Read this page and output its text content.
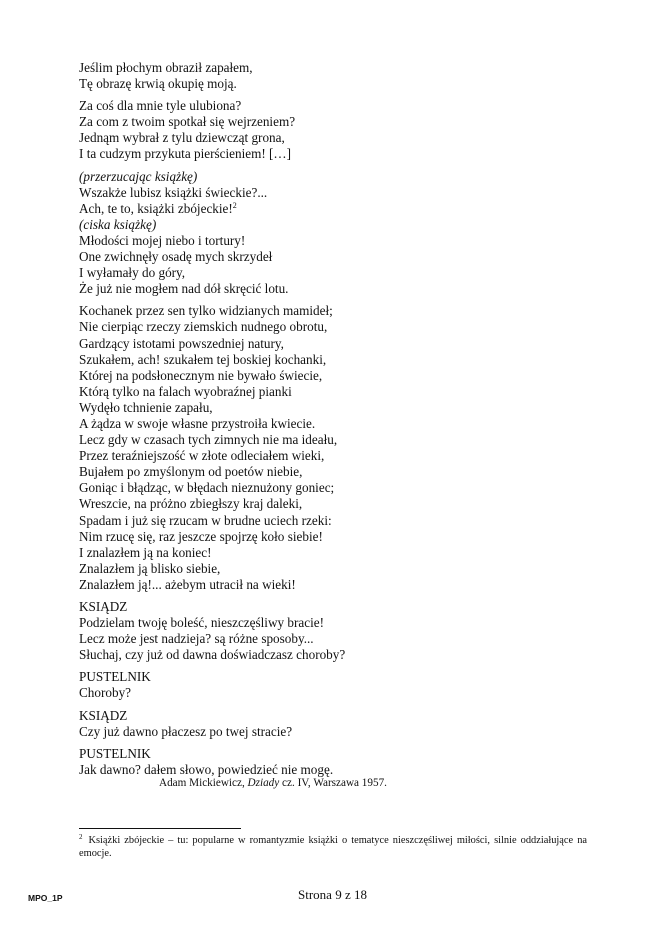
Jeślim płochym obraził zapałem,
Tę obrazę krwią okupię moją.
Za coś dla mnie tyle ulubiona?
Za com z twoim spotkał się wejrzeniem?
Jednąm wybrał z tylu dziewcząt grona,
I ta cudzym przykuta pierścieniem! […]
(przerzucając książkę)
Wszakże lubisz książki świeckie?...
Ach, te to, książki zbójeckie!$^2$
(ciska książkę)
Młodości mojej niebo i tortury!
One zwichnęły osadę mych skrzydeł
I wyłamały do góry,
Że już nie mogłem nad dół skręcić lotu.
Kochanek przez sen tylko widzianych mamideł;
Nie cierpiąc rzeczy ziemskich nudnego obrotu,
Gardzący istotami powszedniej natury,
Szukałem, ach! szukałem tej boskiej kochanki,
Której na podsłonecznym nie bywało świecie,
Którą tylko na falach wyobraźnej pianki
Wydęło tchnienie zapału,
A żądza w swoje własne przystroiła kwiecie.
Lecz gdy w czasach tych zimnych nie ma ideału,
Przez teraźniejszość w złote odleciałem wieki,
Bujałem po zmyślonym od poetów niebie,
Goniąc i błądząc, w błędach nieznużony goniec;
Wreszcie, na próżno zbiegłszy kraj daleki,
Spadam i już się rzucam w brudne uciech rzeki:
Nim rzucę się, raz jeszcze spojrzę koło siebie!
I znalazłem ją na koniec!
Znalazłem ją blisko siebie,
Znalazłem ją!... ażebym utracił na wieki!
KSIĄDZ
Podzielam twoję boleść, nieszczęśliwy bracie!
Lecz może jest nadzieja? są różne sposoby...
Słuchaj, czy już od dawna doświadczasz choroby?
PUSTELNIK
Choroby?
KSIĄDZ
Czy już dawno płaczesz po twej stracie?
PUSTELNIK
Jak dawno? dałem słowo, powiedzieć nie mogę.
Adam Mickiewicz, Dziady cz. IV, Warszawa 1957.
$^2$ Książki zbójeckie – tu: popularne w romantyzmie książki o tematyce nieszczęśliwej miłości, silnie oddziałujące na emocje.
MPO_1P	Strona 9 z 18
